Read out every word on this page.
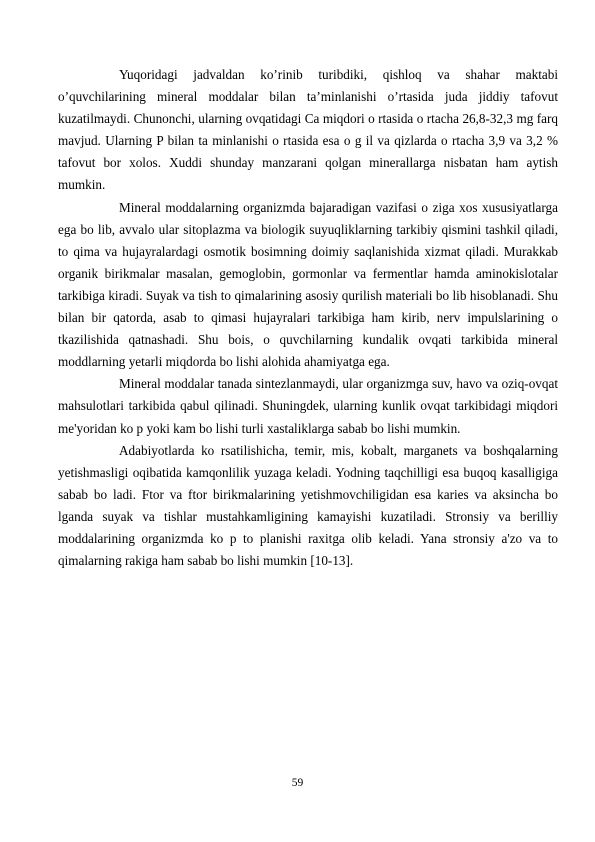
Yuqoridagi jadvaldan ko’rinib turibdiki, qishloq va shahar maktabi o’quvchilarining mineral moddalar bilan ta’minlanishi o’rtasida juda jiddiy tafovut kuzatilmaydi. Chunonchi, ularning ovqatidagi Ca miqdori o rtasida o rtacha 26,8-32,3 mg farq mavjud. Ularning P bilan ta minlanishi o rtasida esa o g il va qizlarda o rtacha 3,9 va 3,2 % tafovut bor xolos. Xuddi shunday manzarani qolgan minerallarga nisbatan ham aytish mumkin.

Mineral moddalarning organizmda bajaradigan vazifasi o ziga xos xususiyatlarga ega bo lib, avvalo ular sitoplazma va biologik suyuqliklarning tarkibiy qismini tashkil qiladi, to qima va hujayralardagi osmotik bosimning doimiy saqlanishida xizmat qiladi. Murakkab organik birikmalar masalan, gemoglobin, gormonlar va fermentlar hamda aminokislotalar tarkibiga kiradi. Suyak va tish to qimalarining asosiy qurilish materiali bo lib hisoblanadi. Shu bilan bir qatorda, asab to qimasi hujayralari tarkibiga ham kirib, nerv impulslarining o tkazilishida qatnashadi. Shu bois, o quvchilarning kundalik ovqati tarkibida mineral moddlarning yetarli miqdorda bo lishi alohida ahamiyatga ega.

Mineral moddalar tanada sintezlanmaydi, ular organizmga suv, havo va oziq-ovqat mahsulotlari tarkibida qabul qilinadi. Shuningdek, ularning kunlik ovqat tarkibidagi miqdori me'yoridan ko p yoki kam bo lishi turli xastaliklarga sabab bo lishi mumkin.

Adabiyotlarda ko rsatilishicha, temir, mis, kobalt, marganets va boshqalarning yetishmasligi oqibatida kamqonlilik yuzaga keladi. Yodning taqchilligi esa buqoq kasalligiga sabab bo ladi. Ftor va ftor birikmalarining yetishmovchiligidan esa karies va aksincha bo lganda suyak va tishlar mustahkamligining kamayishi kuzatiladi. Stronsiy va berilliy moddalarining organizmda ko p to planishi raxitga olib keladi. Yana stronsiy a'zo va to qimalarning rakiga ham sabab bo lishi mumkin [10-13].

59
